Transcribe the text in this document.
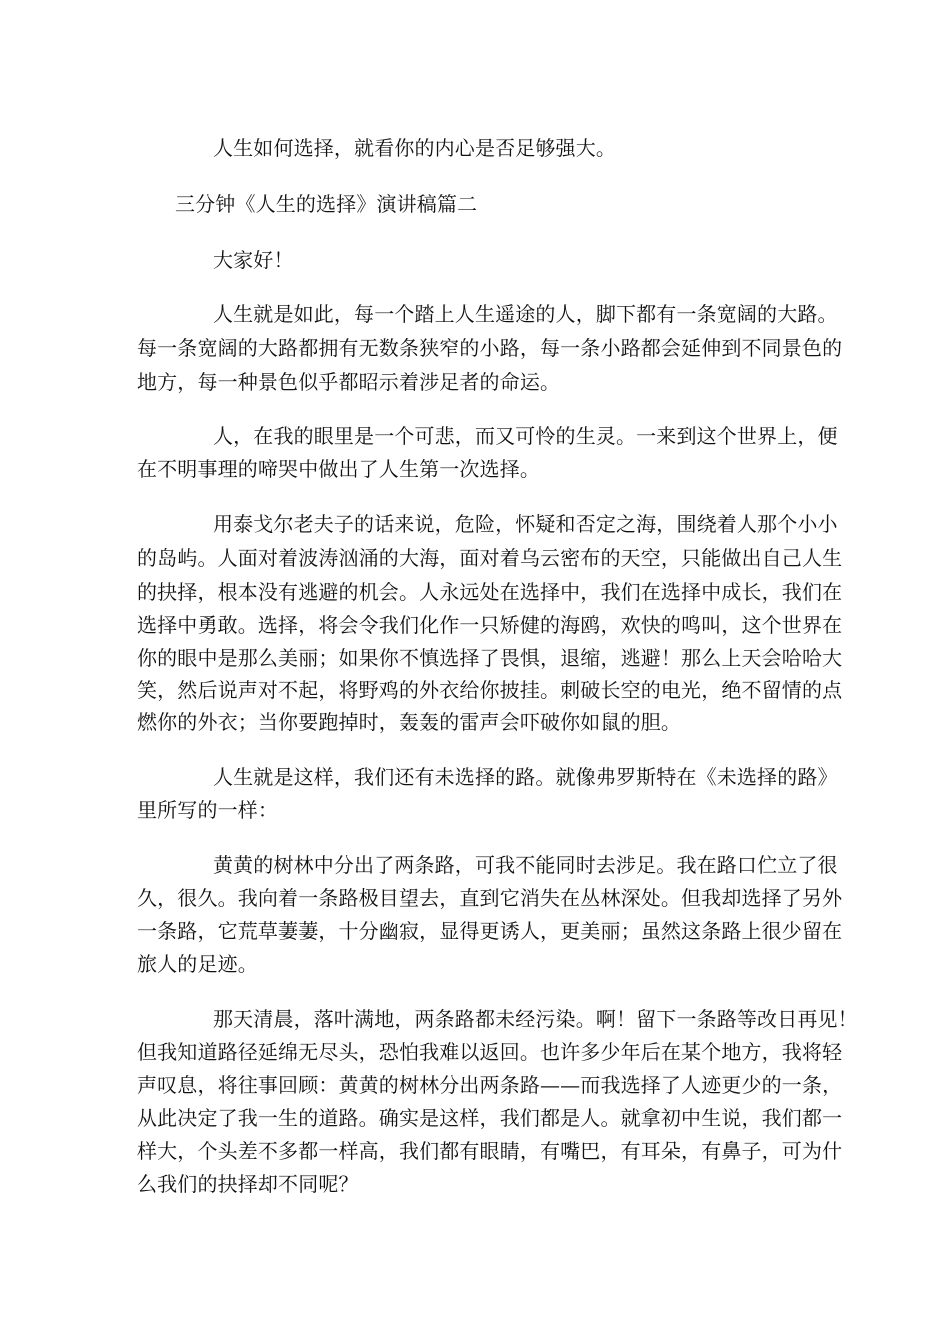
人生如何选择，就看你的内心是否足够强大。
三分钟《人生的选择》演讲稿篇二
大家好！
人生就是如此，每一个踏上人生遥途的人，脚下都有一条宽阔的大路。
每一条宽阔的大路都拥有无数条狭窄的小路，每一条小路都会延伸到不同景色的
地方，每一种景色似乎都昭示着涉足者的命运。
人，在我的眼里是一个可悲，而又可怜的生灵。一来到这个世界上，便
在不明事理的啼哭中做出了人生第一次选择。
用泰戈尔老夫子的话来说，危险，怀疑和否定之海，围绕着人那个小小
的岛屿。人面对着波涛汹涌的大海，面对着乌云密布的天空，只能做出自己人生
的抉择，根本没有逃避的机会。人永远处在选择中，我们在选择中成长，我们在
选择中勇敢。选择，将会令我们化作一只矫健的海鸥，欢快的鸣叫，这个世界在
你的眼中是那么美丽；如果你不慎选择了畏惧，退缩，逃避！那么上天会哈哈大
笑，然后说声对不起，将野鸡的外衣给你披挂。刺破长空的电光，绝不留情的点
燃你的外衣；当你要跑掉时，轰轰的雷声会吓破你如鼠的胆。
人生就是这样，我们还有未选择的路。就像弗罗斯特在《未选择的路》
里所写的一样：
黄黄的树林中分出了两条路，可我不能同时去涉足。我在路口伫立了很
久，很久。我向着一条路极目望去，直到它消失在丛林深处。但我却选择了另外
一条路，它荒草萋萋，十分幽寂，显得更诱人，更美丽；虽然这条路上很少留在
旅人的足迹。
那天清晨，落叶满地，两条路都未经污染。啊！留下一条路等改日再见！
但我知道路径延绵无尽头，恐怕我难以返回。也许多少年后在某个地方，我将轻
声叹息，将往事回顾：黄黄的树林分出两条路——而我选择了人迹更少的一条，
从此决定了我一生的道路。确实是这样，我们都是人。就拿初中生说，我们都一
样大，个头差不多都一样高，我们都有眼睛，有嘴巴，有耳朵，有鼻子，可为什
么我们的抉择却不同呢？
